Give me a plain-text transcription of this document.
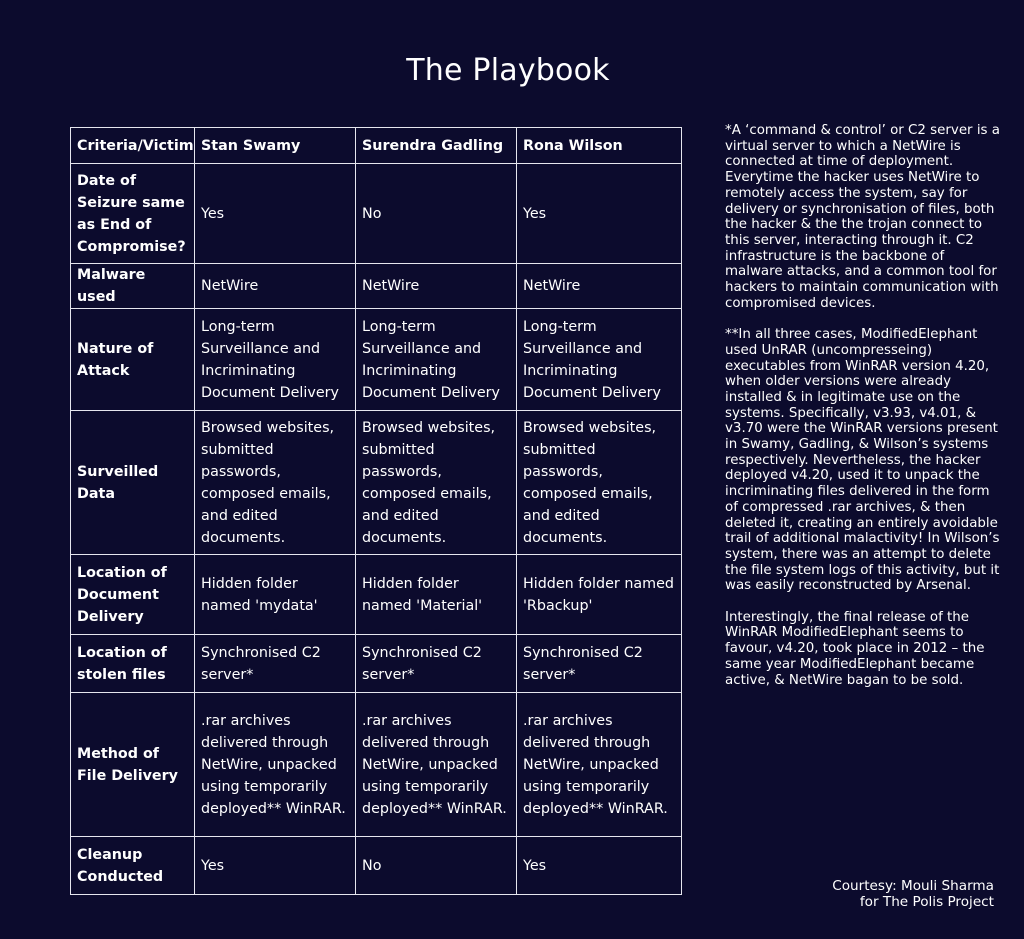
The Playbook
Criteria/Victim	Stan Swamy	Surendra Gadling	Rona Wilson
Date of Seizure same as End of Compromise?	Yes	No	Yes
Malware used	NetWire	NetWire	NetWire
Nature of Attack	Long-term Surveillance and Incriminating Document Delivery	Long-term Surveillance and Incriminating Document Delivery	Long-term Surveillance and Incriminating Document Delivery
Surveilled Data	Browsed websites, submitted passwords, composed emails, and edited documents.	Browsed websites, submitted passwords, composed emails, and edited documents.	Browsed websites, submitted passwords, composed emails, and edited documents.
Location of Document Delivery	Hidden folder named 'mydata'	Hidden folder named 'Material'	Hidden folder named 'Rbackup'
Location of stolen files	Synchronised C2 server*	Synchronised C2 server*	Synchronised C2 server*
Method of File Delivery	.rar archives delivered through NetWire, unpacked using temporarily deployed** WinRAR.	.rar archives delivered through NetWire, unpacked using temporarily deployed** WinRAR.	.rar archives delivered through NetWire, unpacked using temporarily deployed** WinRAR.
Cleanup Conducted	Yes	No	Yes

*A ‘command & control’ or C2 server is a virtual server to which a NetWire is connected at time of deployment. Everytime the hacker uses NetWire to remotely access the system, say for delivery or synchronisation of files, both the hacker & the the trojan connect to this server, interacting through it. C2 infrastructure is the backbone of malware attacks, and a common tool for hackers to maintain communication with compromised devices.

**In all three cases, ModifiedElephant used UnRAR (uncompresseing) executables from WinRAR version 4.20, when older versions were already installed & in legitimate use on the systems. Specifically, v3.93, v4.01, & v3.70 were the WinRAR versions present in Swamy, Gadling, & Wilson’s systems respectively. Nevertheless, the hacker deployed v4.20, used it to unpack the incriminating files delivered in the form of compressed .rar archives, & then deleted it, creating an entirely avoidable trail of additional malactivity! In Wilson’s system, there was an attempt to delete the file system logs of this activity, but it was easily reconstructed by Arsenal.

Interestingly, the final release of the WinRAR ModifiedElephant seems to favour, v4.20, took place in 2012 – the same year ModifiedElephant became active, & NetWire bagan to be sold.

Courtesy: Mouli Sharma
for The Polis Project
